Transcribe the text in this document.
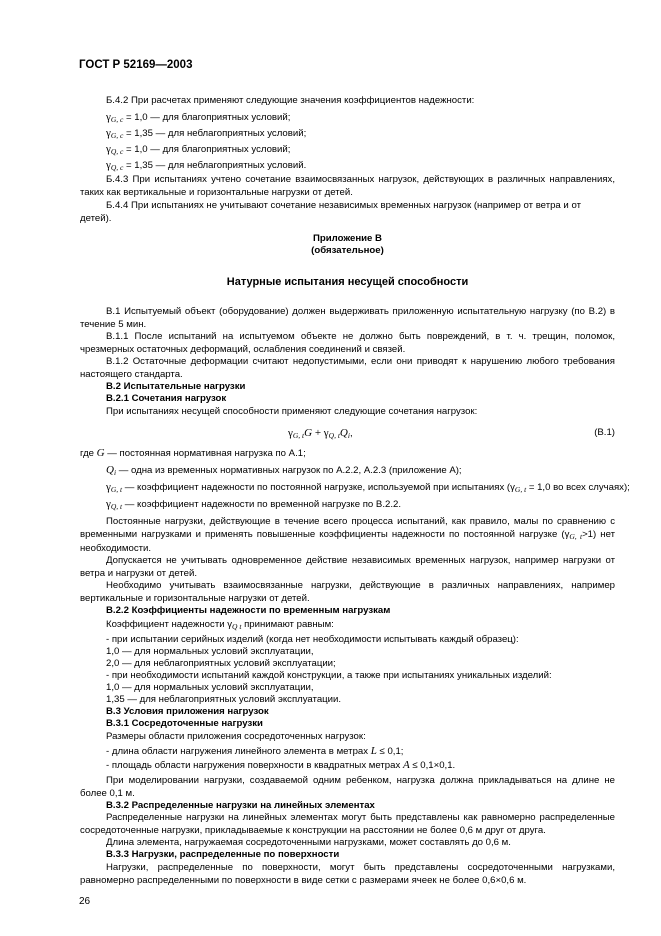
ГОСТ Р 52169—2003
Б.4.2 При расчетах применяют следующие значения коэффициентов надежности:
$\gamma_{G, c} = 1,0$ — для благоприятных условий;
$\gamma_{G, c} = 1,35$ — для неблагоприятных условий;
$\gamma_{Q, c} = 1,0$ — для благоприятных условий;
$\gamma_{Q, c} = 1,35$ — для неблагоприятных условий.
Б.4.3 При испытаниях учтено сочетание взаимосвязанных нагрузок, действующих в различных направлениях, таких как вертикальные и горизонтальные нагрузки от детей.
Б.4.4 При испытаниях не учитывают сочетание независимых временных нагрузок (например от ветра и от детей).
Приложение В
(обязательное)
Натурные испытания несущей способности
В.1 Испытуемый объект (оборудование) должен выдерживать приложенную испытательную нагрузку (по В.2) в течение 5 мин.
В.1.1 После испытаний на испытуемом объекте не должно быть повреждений, в т. ч. трещин, поломок, чрезмерных остаточных деформаций, ослабления соединений и связей.
В.1.2 Остаточные деформации считают недопустимыми, если они приводят к нарушению любого требования настоящего стандарта.
В.2 Испытательные нагрузки
В.2.1 Сочетания нагрузок
При испытаниях несущей способности применяют следующие сочетания нагрузок:
$\gamma_{G, t}G + \gamma_{Q, t}Q_i$,	(В.1)
где G — постоянная нормативная нагрузка по А.1;
$Q_i$ — одна из временных нормативных нагрузок по А.2.2, А.2.3 (приложение А);
$\gamma_{G, t}$ — коэффициент надежности по постоянной нагрузке, используемой при испытаниях ($\gamma_{G, t} = 1,0$ во всех случаях);
$\gamma_{Q, t}$ — коэффициент надежности по временной нагрузке по В.2.2.
Постоянные нагрузки, действующие в течение всего процесса испытаний, как правило, малы по сравнению с временными нагрузками и применять повышенные коэффициенты надежности по постоянной нагрузке $(\gamma_{G, t}>1)$ нет необходимости.
Допускается не учитывать одновременное действие независимых временных нагрузок, например нагрузки от ветра и нагрузки от детей.
Необходимо учитывать взаимосвязанные нагрузки, действующие в различных направлениях, например вертикальные и горизонтальные нагрузки от детей.
В.2.2 Коэффициенты надежности по временным нагрузкам
Коэффициент надежности $\gamma_{Q t}$ принимают равным:
- при испытании серийных изделий (когда нет необходимости испытывать каждый образец):
1,0 — для нормальных условий эксплуатации,
2,0 — для неблагоприятных условий эксплуатации;
- при необходимости испытаний каждой конструкции, а также при испытаниях уникальных изделий:
1,0 — для нормальных условий эксплуатации,
1,35 — для неблагоприятных условий эксплуатации.
В.3 Условия приложения нагрузок
В.3.1 Сосредоточенные нагрузки
Размеры области приложения сосредоточенных нагрузок:
- длина области нагружения линейного элемента в метрах L ≤ 0,1;
- площадь области нагружения поверхности в квадратных метрах A ≤ 0,1×0,1.
При моделировании нагрузки, создаваемой одним ребенком, нагрузка должна прикладываться на длине не более 0,1 м.
В.3.2 Распределенные нагрузки на линейных элементах
Распределенные нагрузки на линейных элементах могут быть представлены как равномерно распределенные сосредоточенные нагрузки, прикладываемые к конструкции на расстоянии не более 0,6 м друг от друга.
Длина элемента, нагружаемая сосредоточенными нагрузками, может составлять до 0,6 м.
В.3.3 Нагрузки, распределенные по поверхности
Нагрузки, распределенные по поверхности, могут быть представлены сосредоточенными нагрузками, равномерно распределенными по поверхности в виде сетки с размерами ячеек не более 0,6×0,6 м.
26
